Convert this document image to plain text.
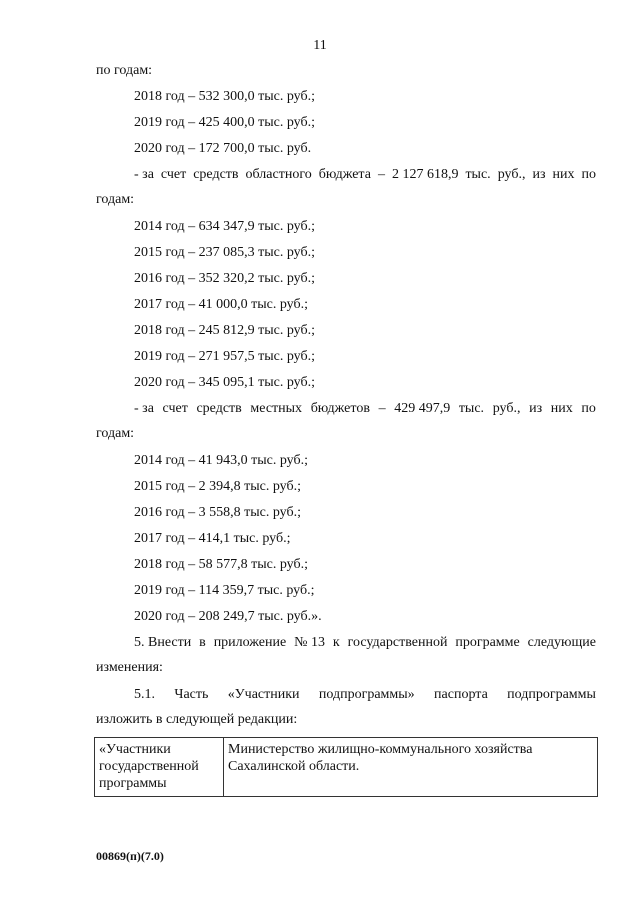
11
по годам:
2018 год – 532 300,0 тыс. руб.;
2019 год – 425 400,0 тыс. руб.;
2020 год – 172 700,0 тыс. руб.
- за счет средств областного бюджета – 2 127 618,9 тыс. руб., из них по
годам:
2014 год – 634 347,9 тыс. руб.;
2015 год – 237 085,3 тыс. руб.;
2016 год – 352 320,2 тыс. руб.;
2017 год – 41 000,0 тыс. руб.;
2018 год – 245 812,9 тыс. руб.;
2019 год – 271 957,5 тыс. руб.;
2020 год – 345 095,1 тыс. руб.;
- за счет средств местных бюджетов – 429 497,9 тыс. руб., из них по
годам:
2014 год – 41 943,0 тыс. руб.;
2015 год – 2 394,8 тыс. руб.;
2016 год – 3 558,8 тыс. руб.;
2017 год – 414,1 тыс. руб.;
2018 год – 58 577,8 тыс. руб.;
2019 год – 114 359,7 тыс. руб.;
2020 год – 208 249,7 тыс. руб.».
5. Внести в приложение № 13 к государственной программе следующие
изменения:
5.1. Часть «Участники подпрограммы» паспорта подпрограммы
изложить в следующей редакции:
«Участники государственной программы	Министерство жилищно-коммунального хозяйства Сахалинской области.
00869(п)(7.0)
